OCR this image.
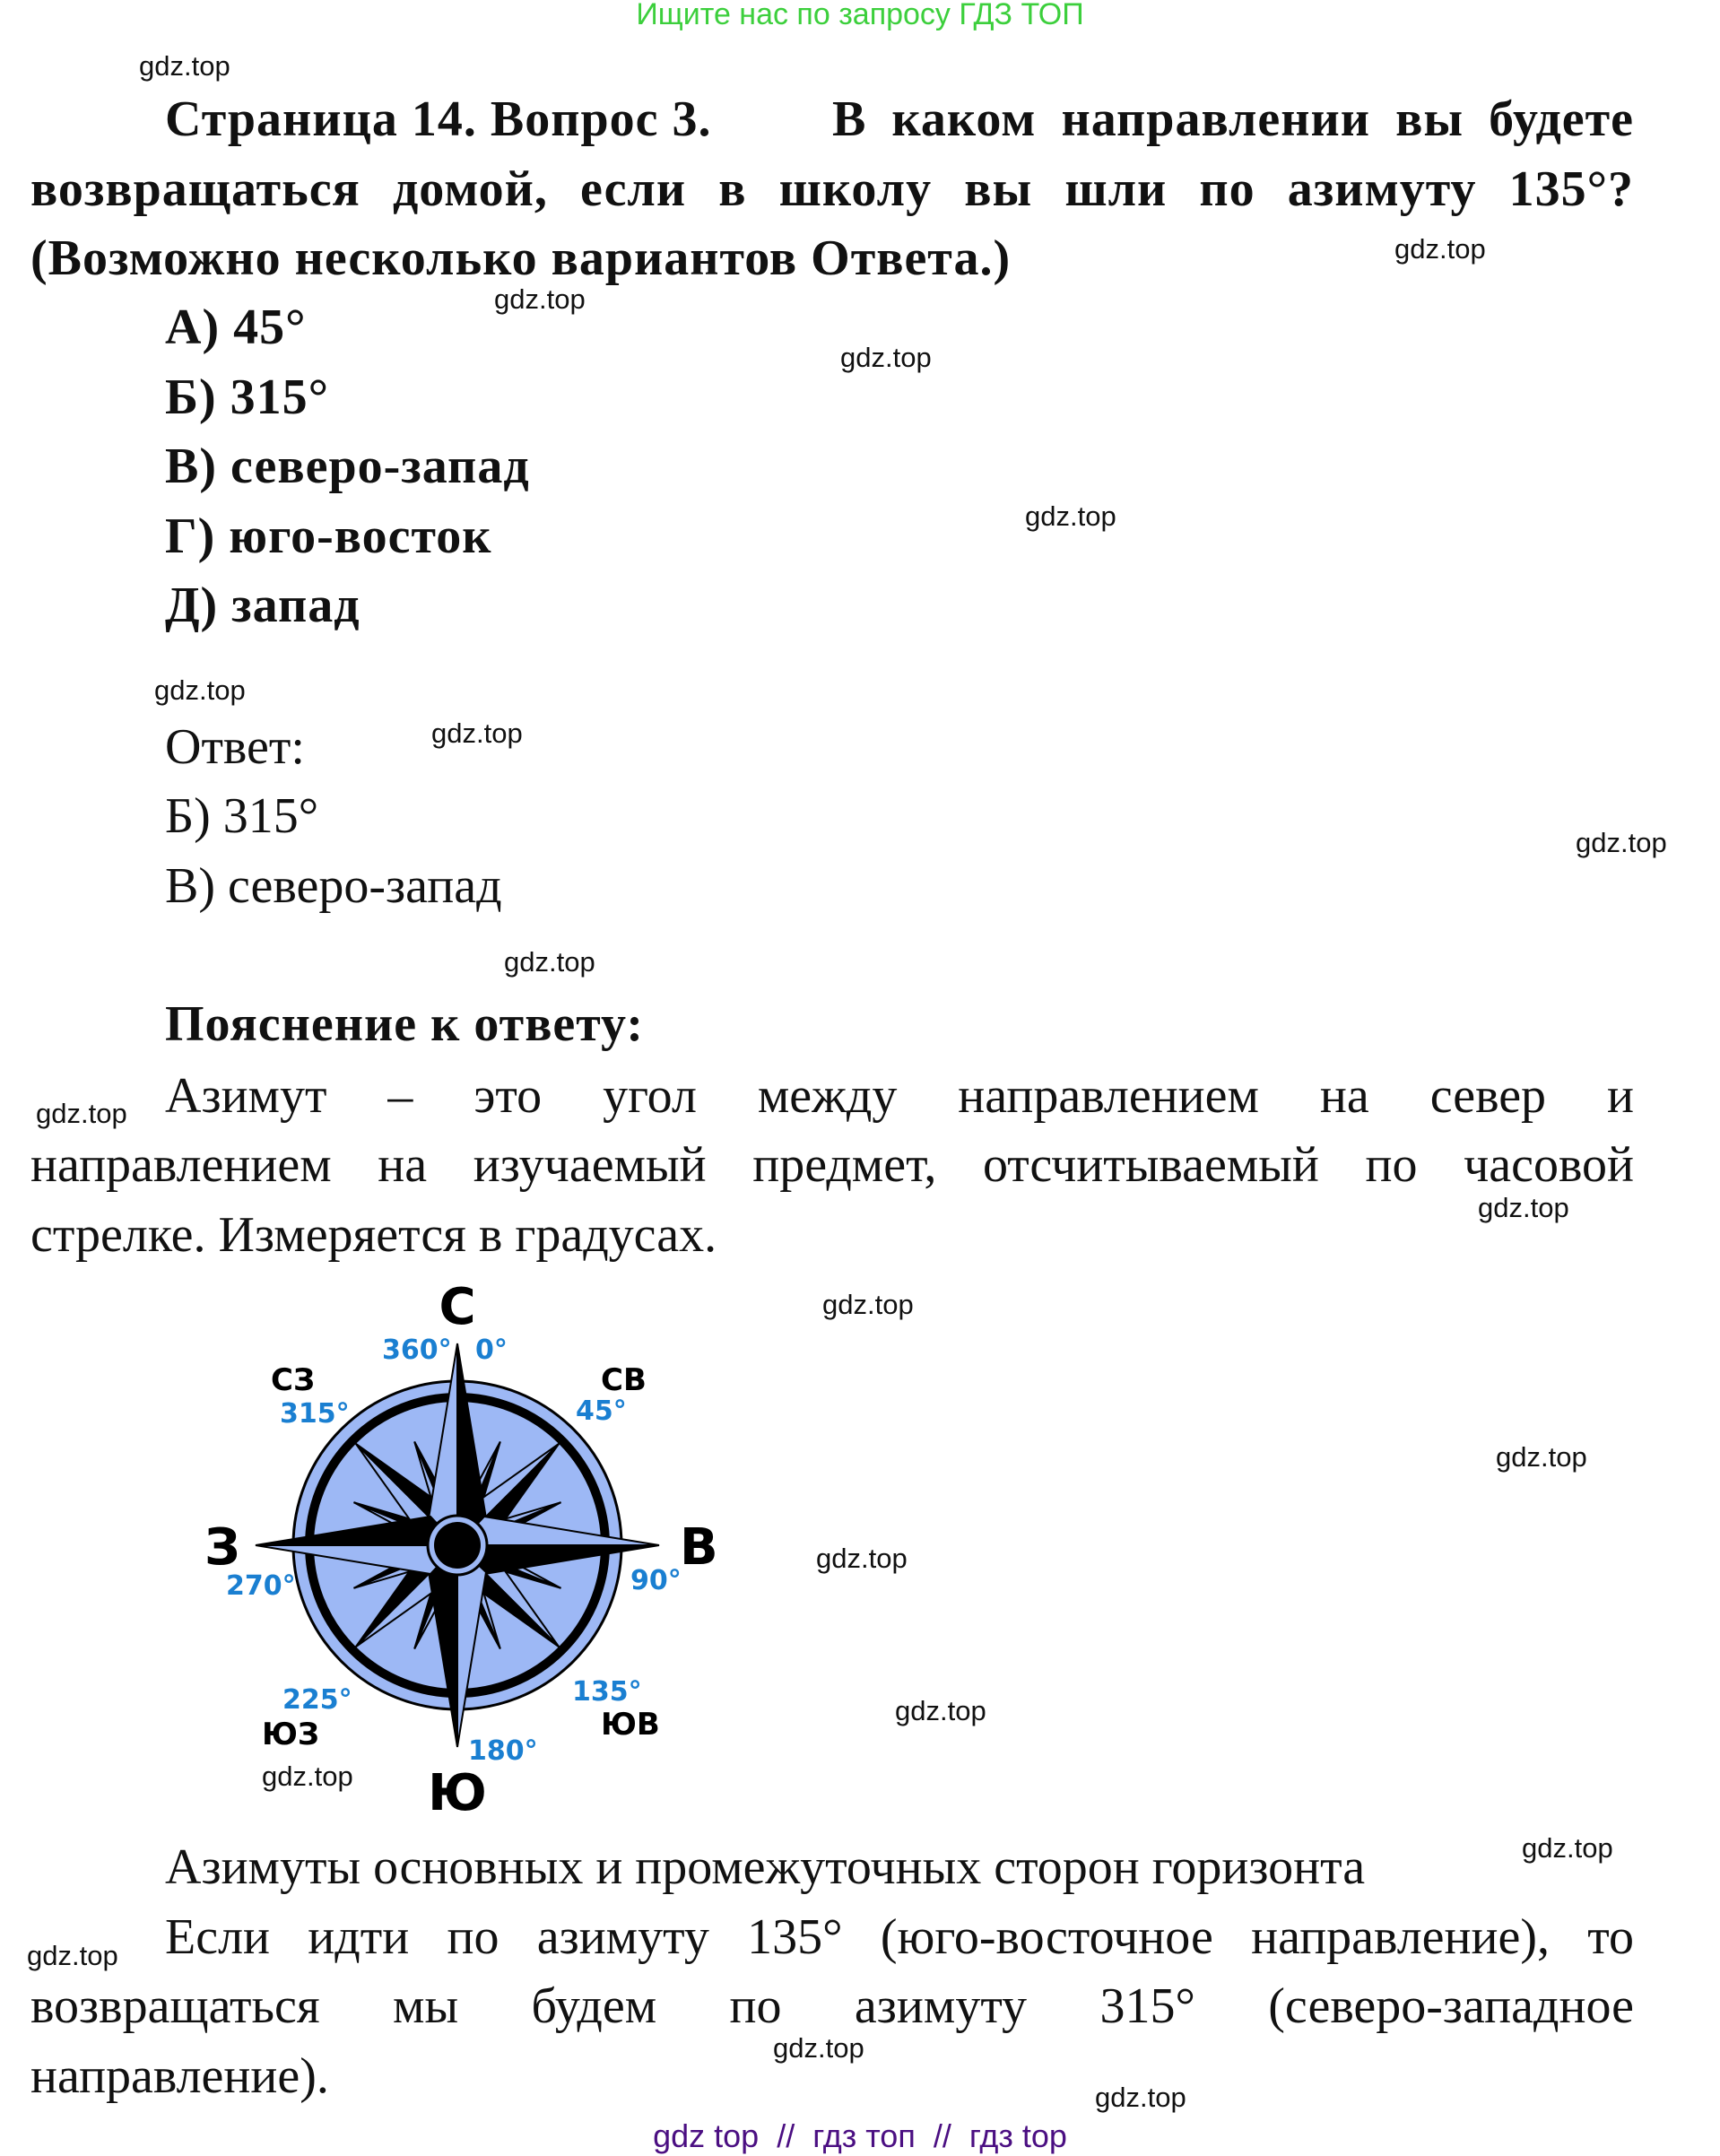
Ищите нас по запросу ГДЗ ТОП
gdz.top
gdz.top
gdz.top
gdz.top
gdz.top
gdz.top
gdz.top
gdz.top
gdz.top
gdz.top
gdz.top
gdz.top
gdz.top
gdz.top
gdz.top
gdz.top
gdz.top
gdz.top
gdz.top
gdz.top
Страница 14. Вопрос 3. В каком направлении вы будете
возвращаться домой, если в школу вы шли по азимуту 135°?
(Возможно несколько вариантов Ответа.)
А) 45°
Б) 315°
В) северо-запад
Г) юго-восток
Д) запад
Ответ:
Б) 315°
В) северо-запад
Пояснение к ответу:
Азимут – это угол между направлением на север и
направлением на изучаемый предмет, отсчитываемый по часовой
стрелке. Измеряется в градусах.
С
В
Ю
З
СВ
ЮВ
ЮЗ
СЗ
360° 0°
45°
90°
135°
180°
225°
270°
315°
Азимуты основных и промежуточных сторон горизонта
Если идти по азимуту 135° (юго-восточное направление), то
возвращаться мы будем по азимуту 315° (северо-западное
направление).
gdz top  //  гдз топ  //  гдз top
